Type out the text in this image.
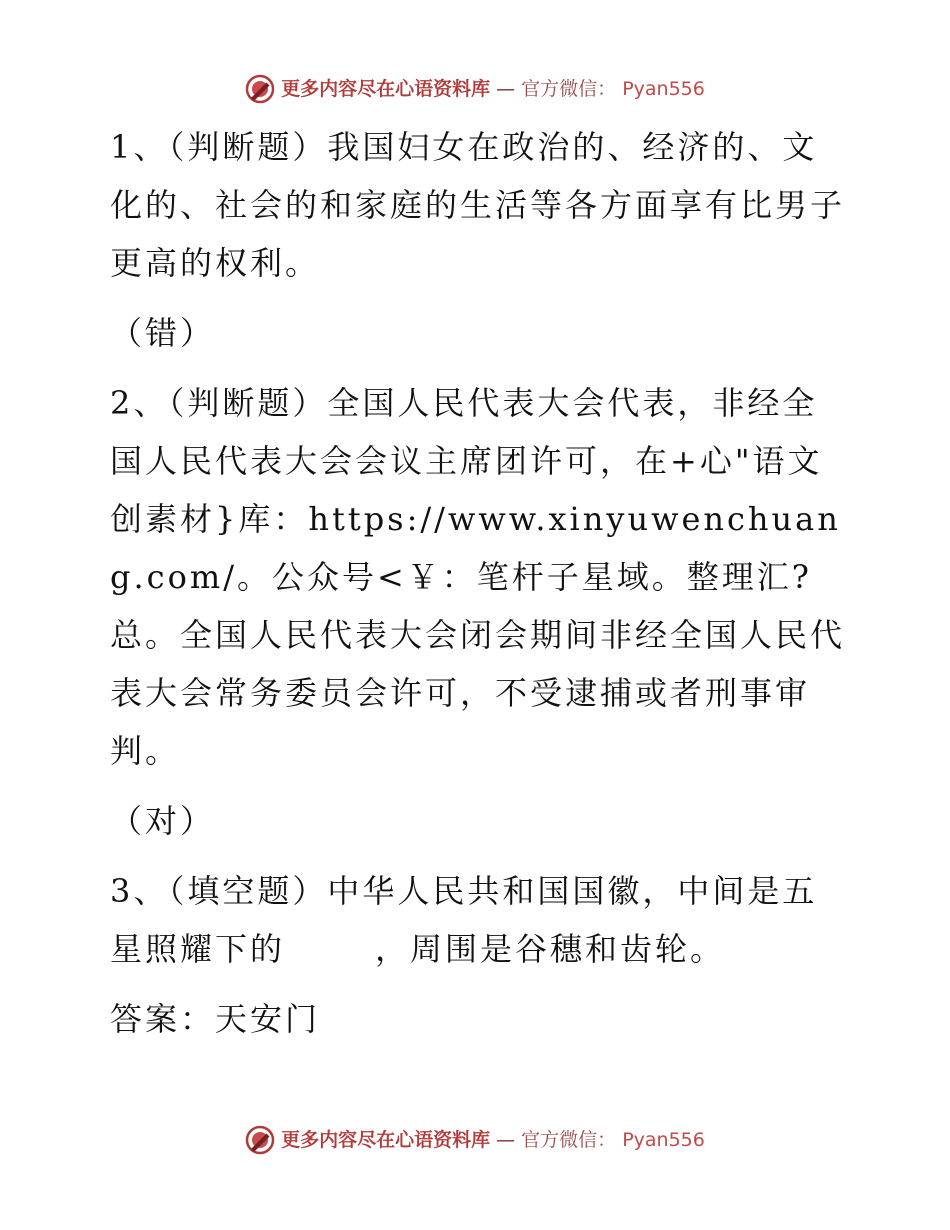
更多内容尽在心语资料库 — 官方微信： Pyan556

1、（判断题）我国妇女在政治的、经济的、文化的、社会的和家庭的生活等各方面享有比男子更高的权利。

（错）

2、（判断题）全国人民代表大会代表，非经全国人民代表大会会议主席团许可，在+心"语文创素材}库：https://www.xinyuwenchuang.com/。公众号<￥：笔杆子星域。整理汇?总。全国人民代表大会闭会期间非经全国人民代表大会常务委员会许可，不受逮捕或者刑事审判。

（对）

3、（填空题）中华人民共和国国徽，中间是五星照耀下的	，周围是谷穗和齿轮。

答案：天安门

更多内容尽在心语资料库 — 官方微信： Pyan556
